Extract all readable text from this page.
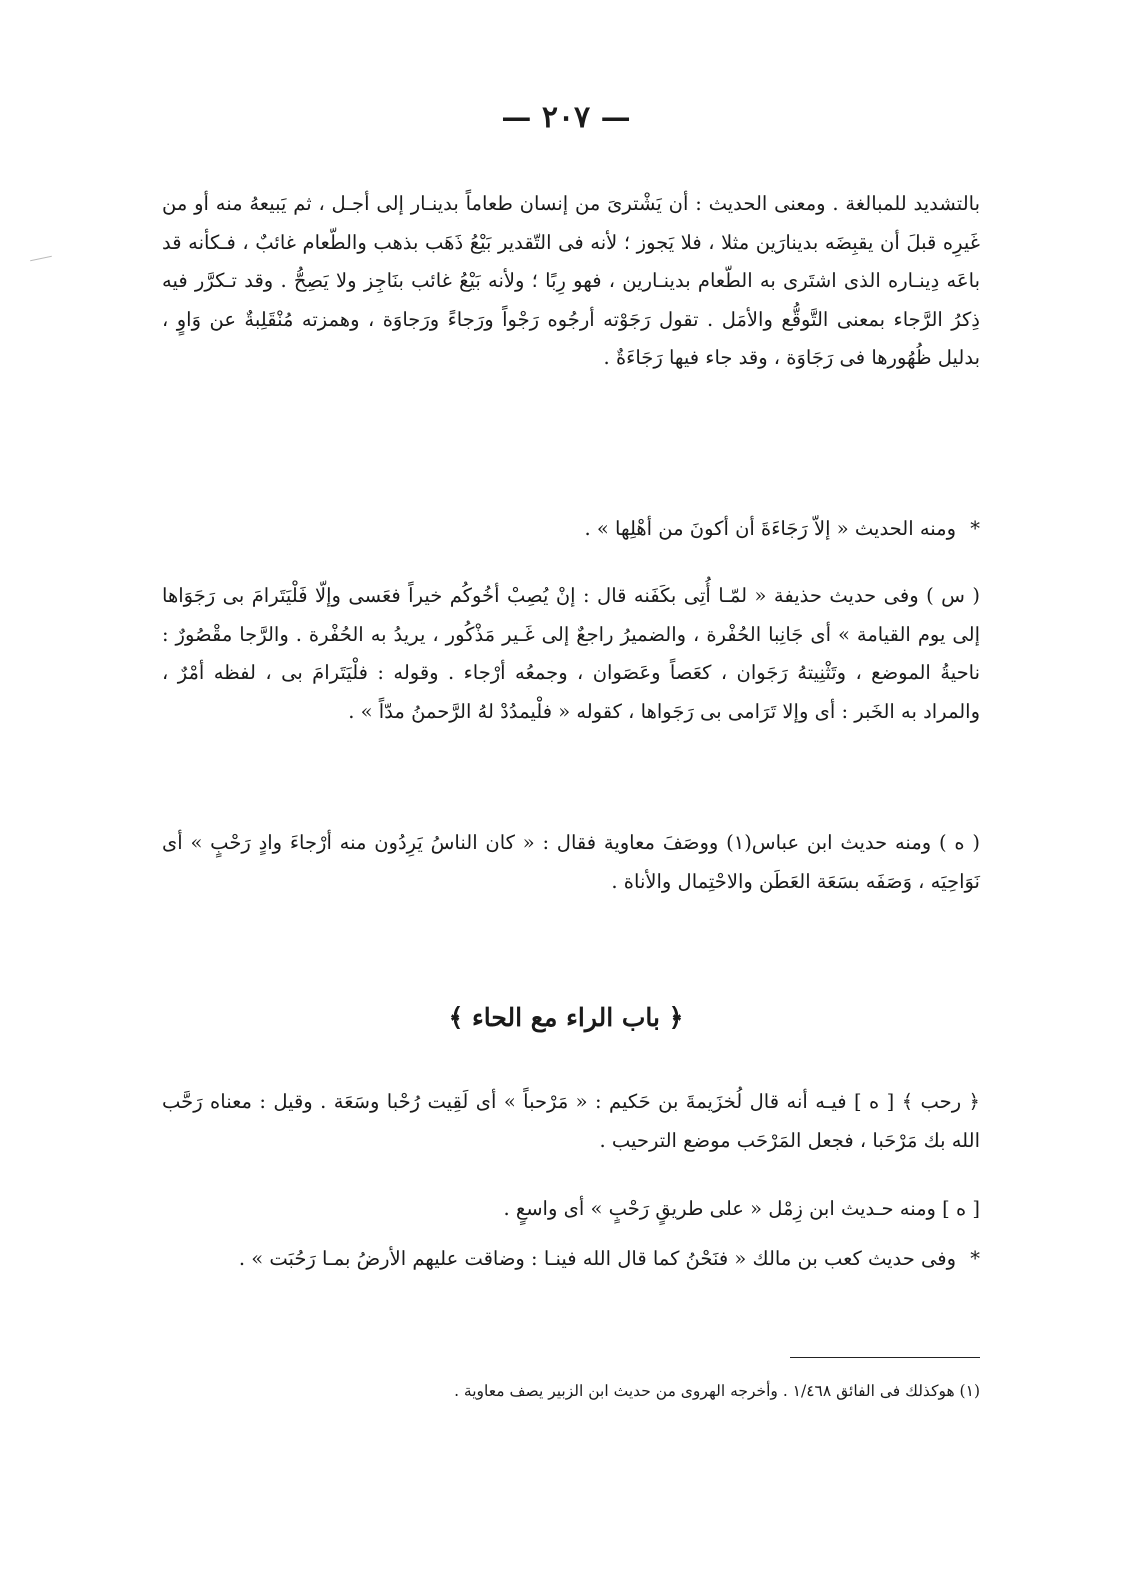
— ٢٠٧ —

بالتشديد للمبالغة . ومعنى الحديث : أن يَشْترىَ من إنسان طعاماً بدينـار إلى أجـل ، ثم يَبيعهُ منه أو من غَيرِه قبلَ أن يقبِضَه بدينارَين مثلا ، فلا يَجوز ؛ لأنه فى التّقدير بَيْعُ ذَهَب بذهب والطّعام غائبٌ ، فـكأنه قد باعَه دِينـاره الذى اشتَرى به الطّعام بدينـارين ، فهو رِبًا ؛ ولأنه بَيْعُ غائب بنَاجِز ولا يَصِحُّ . وقد تـكرَّر فيه ذِكرُ الرَّجاء بمعنى التَّوقُّع والأمَل . تقول رَجَوْته أرجُوه رَجْواً ورَجاءً ورَجاوَة ، وهمزته مُنْقَلِبةٌ عن وَاوٍ ، بدليل ظُهُورها فى رَجَاوَة ، وقد جاء فيها رَجَاءَةٌ .

* ومنه الحديث « إلاّ رَجَاءَةَ أن أكونَ من أهْلِها » .

( س ) وفى حديث حذيفة « لمّـا أُتِى بكَفَنه قال : إنْ يُصِبْ أخُوكُم خيراً فعَسى وإلّا فَلْيَتَرامَ بى رَجَوَاها إلى يوم القيامة » أى جَانِبا الحُفْرة ، والضميرُ راجعٌ إلى غَـير مَذْكُور ، يريدُ به الحُفْرة . والرَّجا مقْصُورٌ : ناحيةُ الموضع ، وتَثْنِيتهُ رَجَوان ، كعَصاً وعَصَوان ، وجمعُه أرْجاء . وقوله : فلْيَتَرامَ بى ، لفظه أمْرٌ ، والمراد به الخَبر : أى وإلا تَرَامى بى رَجَواها ، كقوله « فلْيمدُدْ لهُ الرَّحمنُ مدّاً » .

( ه ) ومنه حديث ابن عباس(١) ووصَفَ معاوية فقال : « كان الناسُ يَرِدُون منه أرْجاءَ وادٍ رَحْبٍ » أى نَوَاحِيَه ، وَصَفَه بسَعَة العَطَن والاحْتِمال والأناة .

﴿ باب الراء مع الحاء ﴾

﴿ رحب ﴾ [ ه ] فيـه أنه قال لُخزَيمةَ بن حَكيم : « مَرْحباً » أى لَقِيت رُحْبا وسَعَة . وقيل : معناه رَحَّب الله بك مَرْحَبا ، فجعل المَرْحَب موضع الترحيب .

[ ه ] ومنه حـديث ابن زِمْل « على طريقٍ رَحْبٍ » أى واسعٍ .

* وفى حديث كعب بن مالك « فنَحْنُ كما قال الله فينـا : وضاقت عليهم الأرضُ بمـا رَحُبَت » .

(١) هوكذلك فى الفائق ١/٤٦٨ . وأخرجه الهروى من حديث ابن الزبير يصف معاوية .
